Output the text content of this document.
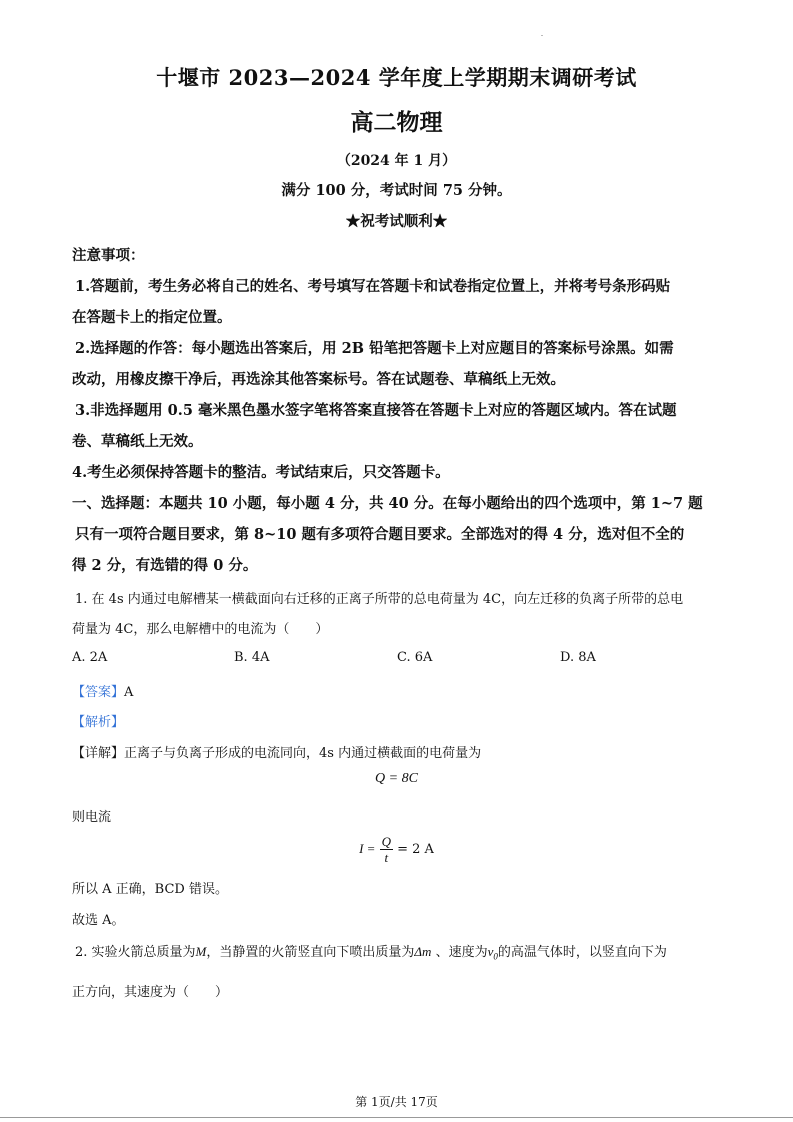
十堰市 2023—2024 学年度上学期期末调研考试
高二物理
（2024 年 1 月）
满分 100 分，考试时间 75 分钟。
★祝考试顺利★
注意事项：
1.答题前，考生务必将自己的姓名、考号填写在答题卡和试卷指定位置上，并将考号条形码贴
在答题卡上的指定位置。
2.选择题的作答：每小题选出答案后，用 2B 铅笔把答题卡上对应题目的答案标号涂黑。如需
改动，用橡皮擦干净后，再选涂其他答案标号。答在试题卷、草稿纸上无效。
3.非选择题用 0.5 毫米黑色墨水签字笔将答案直接答在答题卡上对应的答题区域内。答在试题
卷、草稿纸上无效。
4.考生必须保持答题卡的整洁。考试结束后，只交答题卡。
一、选择题：本题共 10 小题，每小题 4 分，共 40 分。在每小题给出的四个选项中，第 1~7 题
只有一项符合题目要求，第 8~10 题有多项符合题目要求。全部选对的得 4 分，选对但不全的
得 2 分，有选错的得 0 分。
1. 在 4s 内通过电解槽某一横截面向右迁移的正离子所带的总电荷量为 4C，向左迁移的负离子所带的总电
荷量为 4C，那么电解槽中的电流为（　　）
A. 2A	B. 4A	C. 6A	D. 8A
【答案】A
【解析】
【详解】正离子与负离子形成的电流同向，4s 内通过横截面的电荷量为
Q = 8C
则电流
$I = \frac{Q}{t} = 2$ A
所以 A 正确，BCD 错误。
故选 A。
2. 实验火箭总质量为M，当静置的火箭竖直向下喷出质量为Δm 、速度为$v_0$的高温气体时，以竖直向下为
正方向，其速度为（　　）
第 1页/共 17页
